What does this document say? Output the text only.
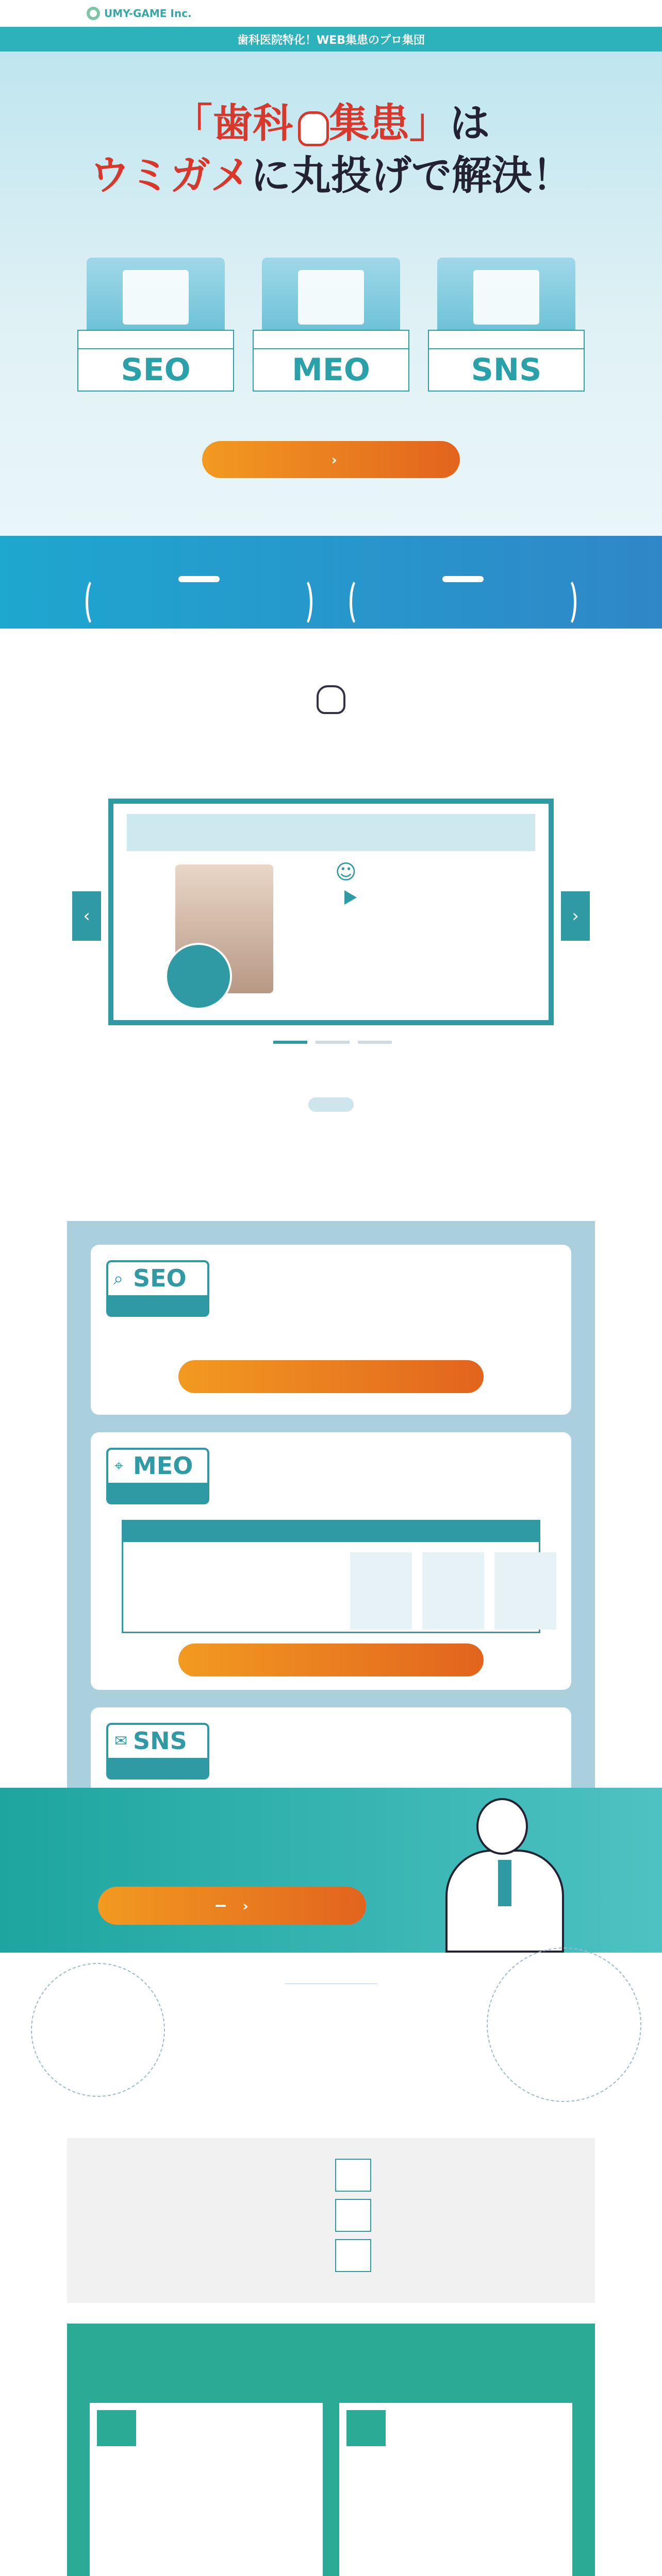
UMY-GAME Inc.
歯科医院特化！WEB集患のプロ集団
「歯科 集患」は
ウミガメに丸投げで解決！
SEO	MEO	SNS
›
‹	›
☺
⌕ SEO
⌖ MEO
✉ SNS
›
